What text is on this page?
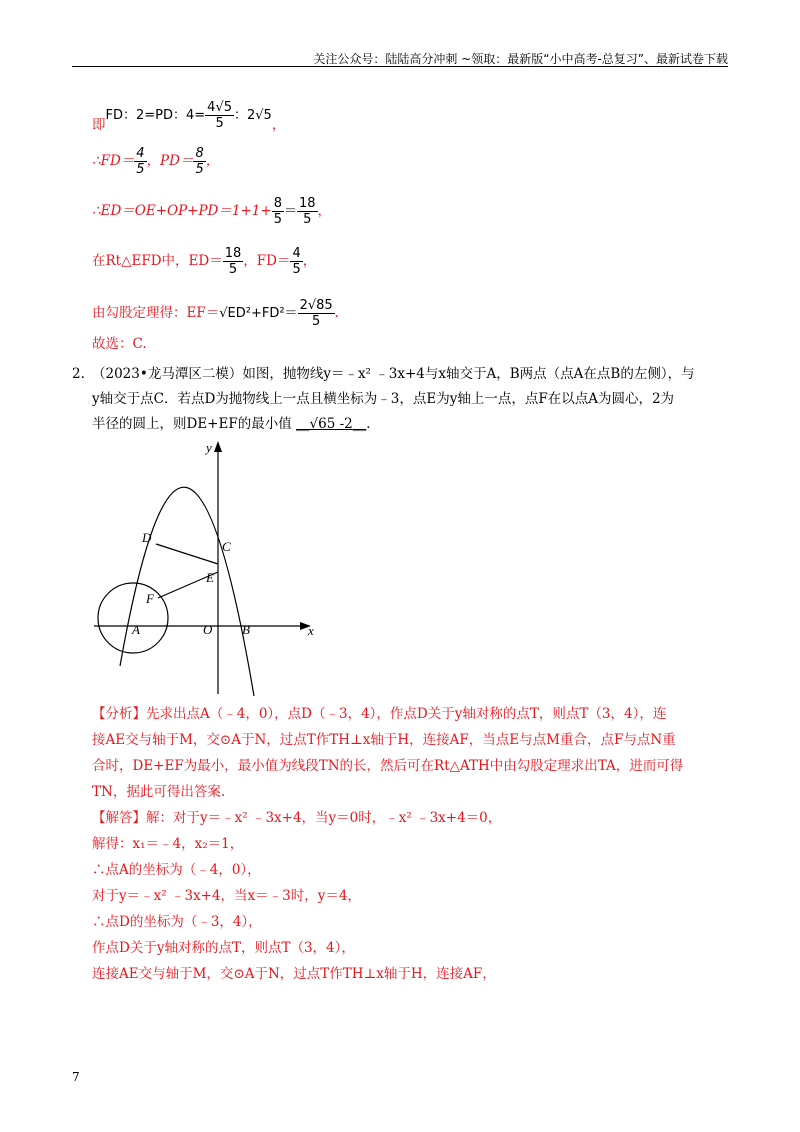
关注公众号：陆陆高分冲刺 ~领取：最新版“小中高考-总复习”、最新试卷下载
即FD：2=PD：$4= \frac{4√5}{5}$ ：2√5，
∴FD＝ $\frac{4}{5}$ ，$PD= \frac{8}{5}$ ，
∴ED＝OE+OP+PD＝1+1+ $\frac{8}{5} = \frac{18}{5}$ ，
在Rt△EFD中，$ED= \frac{18}{5}$ ，$FD= \frac{4}{5}$ ，
由勾股定理得：$EF=√ED^2+FD^2= \frac{2√85}{5}$ .
故选：C.
2. （2023•龙马潭区二模）如图，抛物线y＝﹣x² ﹣3x+4与x轴交于A，B两点（点A在点B的左侧），与
y轴交于点C．若点D为抛物线上一点且横坐标为﹣3，点E为y轴上一点，点F在以点A为圆心，2为
半径的圆上，则DE+EF的最小值 __√65 -2__．
y
x
D
C
E
F
A	O B
【分析】先求出点A（﹣4，0），点D（﹣3，4），作点D关于y轴对称的点T，则点T（3，4），连
接AE交与轴于M，交⊙A于N，过点T作TH⊥x轴于H，连接AF，当点E与点M重合，点F与点N重
合时，DE+EF为最小，最小值为线段TN的长，然后可在Rt△ATH中由勾股定理求出TA，进而可得
TN，据此可得出答案.
【解答】解：对于y＝﹣x² ﹣3x+4，当y＝0时，﹣x² ﹣3x+4＝0，
解得：x₁＝﹣4，x₂＝1，
∴点A的坐标为（﹣4，0），
对于y＝﹣x² ﹣3x+4，当x＝﹣3时，y＝4，
∴点D的坐标为（﹣3，4），
作点D关于y轴对称的点T，则点T（3，4），
连接AE交与轴于M，交⊙A于N，过点T作TH⊥x轴于H，连接AF，
7
